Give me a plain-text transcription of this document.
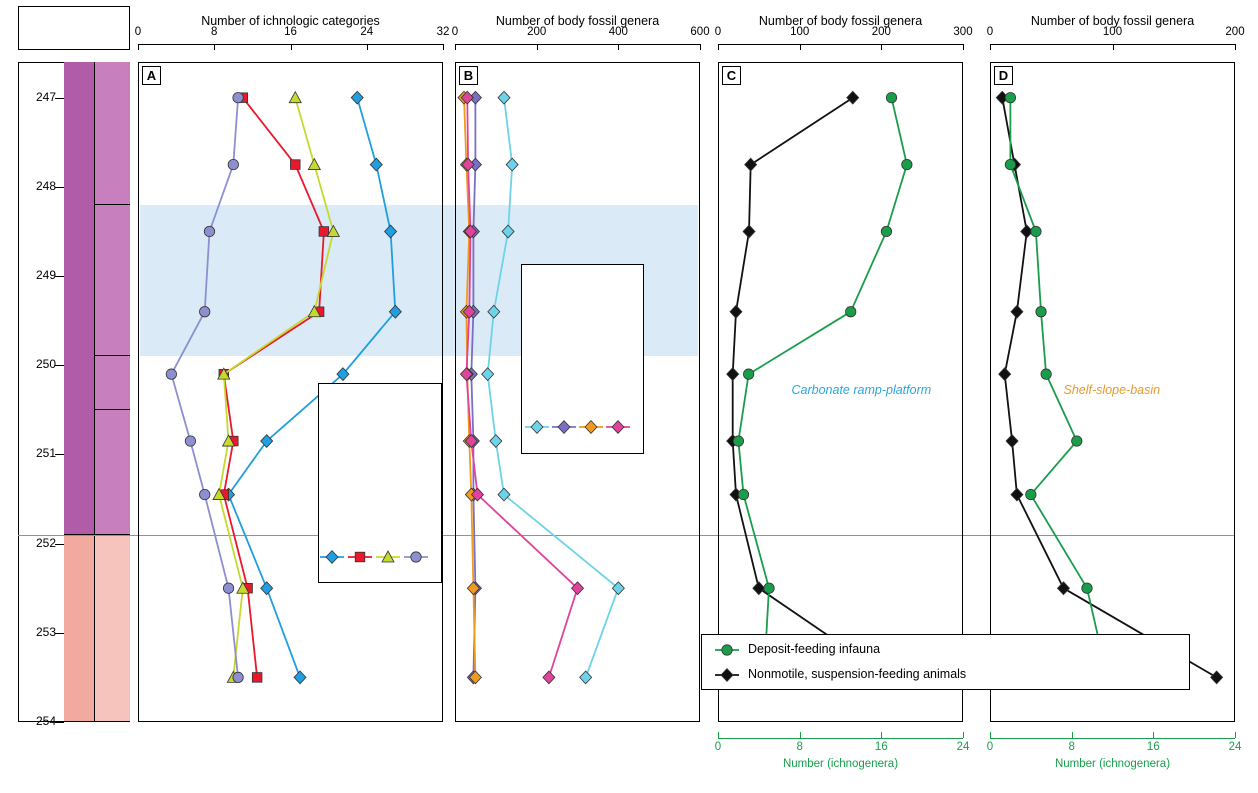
247
248
249
250
251
252
253
254
Number of ichnologic categories
0	8	16	24	32
A
Number of body fossil genera
0	200	400	600
B
Number of body fossil genera
0	100	200	300
C
0	8	16	24
Number (ichnogenera)
Carbonate ramp-platform
Number of body fossil genera
0	100	200
D
0	8	16	24
Number (ichnogenera)
Shelf-slope-basin
Deposit-feeding infauna
Nonmotile, suspension-feeding animals
